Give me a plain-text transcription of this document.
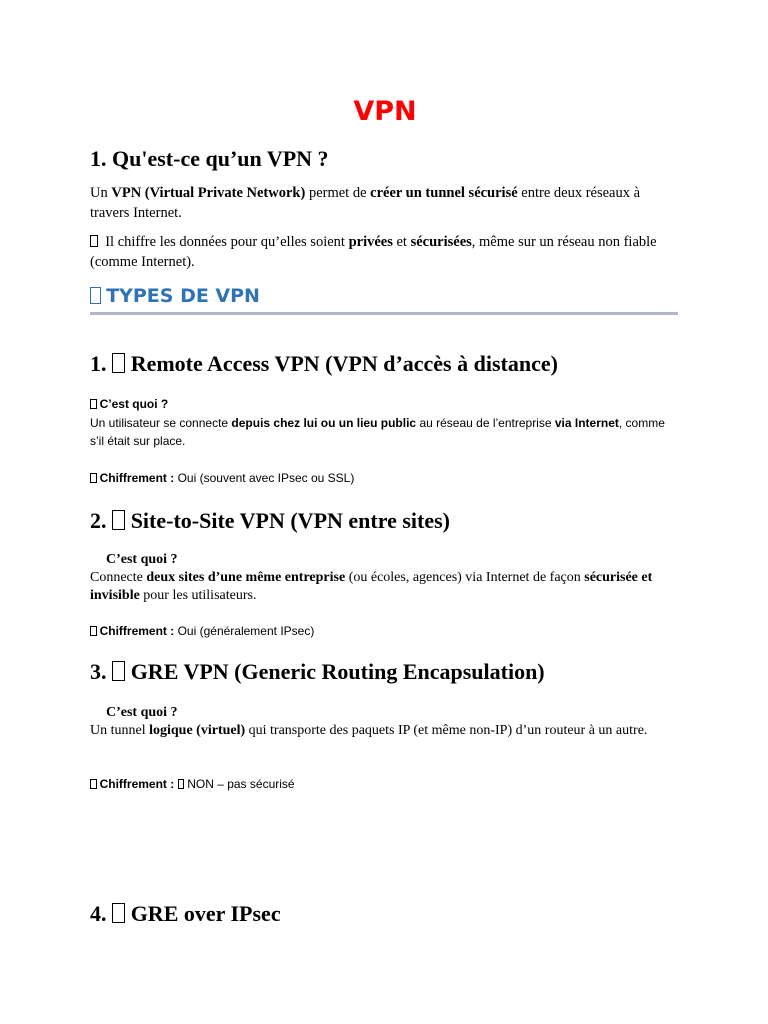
VPN
1. Qu'est-ce qu’un VPN ?

Un VPN (Virtual Private Network) permet de créer un tunnel sécurisé entre deux réseaux à travers Internet.

Il chiffre les données pour qu’elles soient privées et sécurisées, même sur un réseau non fiable (comme Internet).

TYPES DE VPN
1. Remote Access VPN (VPN d’accès à distance)

C’est quoi ?
Un utilisateur se connecte depuis chez lui ou un lieu public au réseau de l’entreprise via Internet, comme s’il était sur place.

Chiffrement : Oui (souvent avec IPsec ou SSL)

2. Site-to-Site VPN (VPN entre sites)

C’est quoi ?
Connecte deux sites d’une même entreprise (ou écoles, agences) via Internet de façon sécurisée et invisible pour les utilisateurs.

Chiffrement : Oui (généralement IPsec)

3. GRE VPN (Generic Routing Encapsulation)

C’est quoi ?
Un tunnel logique (virtuel) qui transporte des paquets IP (et même non-IP) d’un routeur à un autre.

Chiffrement : NON – pas sécurisé

4. GRE over IPsec
